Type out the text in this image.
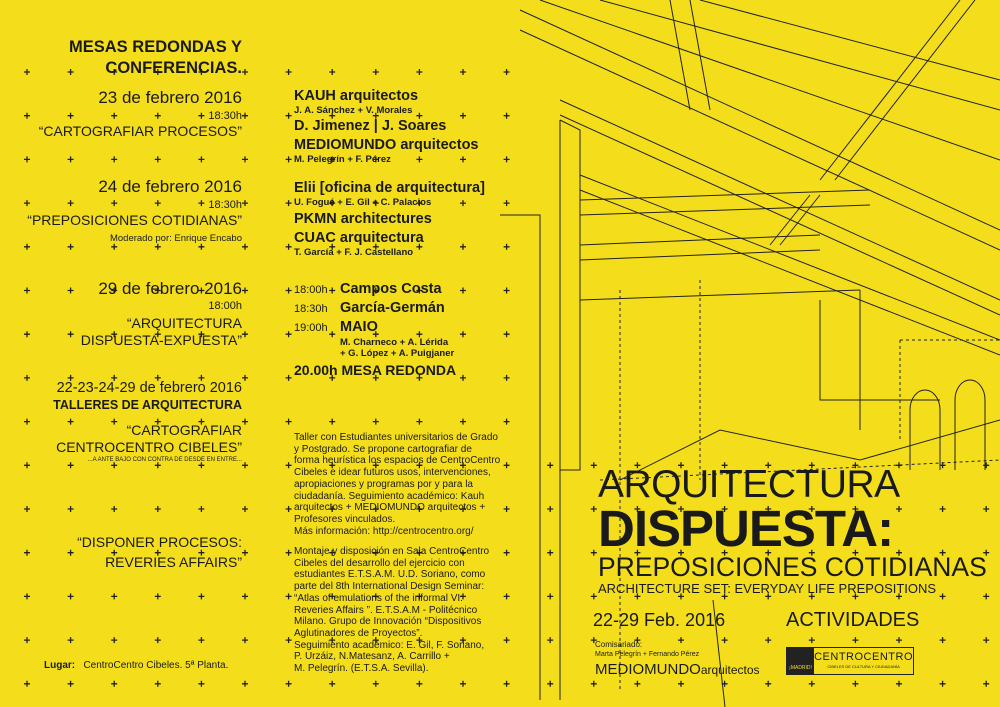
MESAS REDONDAS Y
CONFERENCIAS.
23 de febrero 2016
18:30h
“CARTOGRAFIAR PROCESOS”
24 de febrero 2016
18:30h
“PREPOSICIONES COTIDIANAS”
Moderado por: Enrique Encabo
29 de febrero 2016
18:00h
“ARQUITECTURA
DISPUESTA-EXPUESTA”
22-23-24-29 de febrero 2016
TALLERES DE ARQUITECTURA
“CARTOGRAFIAR
CENTROCENTRO CIBELES”
...A ANTE BAJO CON CONTRA DE DESDE EN ENTRE...
“DISPONER PROCESOS:
REVERIES AFFAIRS”
Lugar: CentroCentro Cibeles. 5ª Planta.
KAUH arquitectos
J. A. Sánchez + V. Morales
D. Jimenez | J. Soares
MEDIOMUNDO arquitectos
M. Pelegrín + F. Pérez
Elii [oficina de arquitectura]
U. Fogué + E. Gil + C. Palacios
PKMN architectures
CUAC arquitectura
T. García + F. J. Castellano
18:00h Campos Costa
18:30h García-Germán
19:00h MAIO
M. Charneco + A. Lérida
+ G. López + A. Puigjaner
20.00h MESA REDONDA
Taller con Estudiantes universitarios de Grado
y Postgrado. Se propone cartografiar de
forma heurística los espacios de CentroCentro
Cibeles e idear futuros usos, intervenciones,
apropiaciones y programas por y para la
ciudadanía. Seguimiento académico: Kauh
arquitectos + MEDIOMUNDO arquitectos +
Profesores vinculados.
Más información: http://centrocentro.org/
Montaje y disposición en Sala CentroCentro
Cibeles del desarrollo del ejercicio con
estudiantes E.T.S.A.M. U.D. Soriano, como
parte del 8th International Design Seminar:
“Atlas of emulations of the informal VI:
Reveries Affairs ”. E.T.S.A.M - Politécnico
Milano. Grupo de Innovación “Dispositivos
Aglutinadores de Proyectos”.
Seguimiento académico: E. Gil, F. Soriano,
P. Urzáiz, N.Matesanz, A. Carrillo +
M. Pelegrín. (E.T.S.A. Sevilla).
ARQUITECTURA
DISPUESTA:
PREPOSICIONES COTIDIANAS
ARCHITECTURE SET: EVERYDAY LIFE PREPOSITIONS
22-29 Feb. 2016	ACTIVIDADES
Comisariado:
Marta Pelegrín + Fernando Pérez
MEDIOMUNDOarquitectos	¡MADRID!
CENTROCENTRO
CIBELES DE CULTURA Y CIUDADANÍA
